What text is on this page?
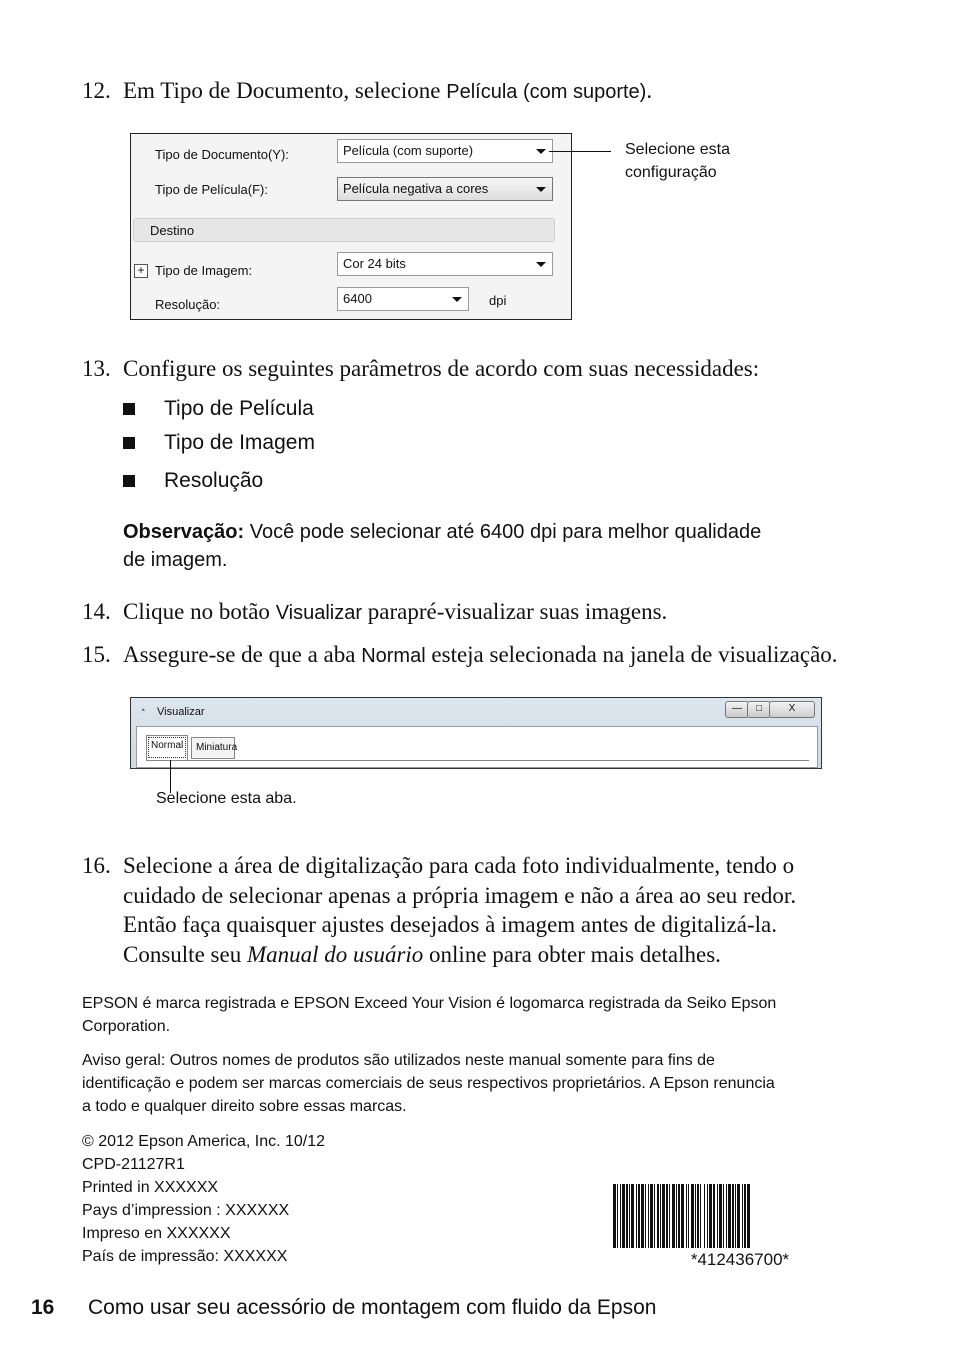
12. Em Tipo de Documento, selecione Película (com suporte).
Tipo de Documento(Y):	Película (com suporte)
Tipo de Película(F):	Película negativa a cores
Destino
+ Tipo de Imagem:	Cor 24 bits
Resolução:	6400	dpi
Selecione esta
configuração
13. Configure os seguintes parâmetros de acordo com suas necessidades:
Tipo de Película
Tipo de Imagem
Resolução
Observação: Você pode selecionar até 6400 dpi para melhor qualidade
de imagem.
14. Clique no botão Visualizar parapré-visualizar suas imagens.
15. Assegure-se de que a aba Normal esteja selecionada na janela de visualização.
◔	Visualizar	—	□	X
Normal	Miniatura
Selecione esta aba.
16. Selecione a área de digitalização para cada foto individualmente, tendo o
cuidado de selecionar apenas a própria imagem e não a área ao seu redor.
Então faça quaisquer ajustes desejados à imagem antes de digitalizá-la.
Consulte seu Manual do usuário online para obter mais detalhes.
EPSON é marca registrada e EPSON Exceed Your Vision é logomarca registrada da Seiko Epson
Corporation.
Aviso geral: Outros nomes de produtos são utilizados neste manual somente para fins de
identificação e podem ser marcas comerciais de seus respectivos proprietários. A Epson renuncia
a todo e qualquer direito sobre essas marcas.
© 2012 Epson America, Inc. 10/12
CPD-21127R1
Printed in XXXXXX
Pays d’impression : XXXXXX
Impreso en XXXXXX
País de impressão: XXXXXX	*412436700*
16 Como usar seu acessório de montagem com fluido da Epson
